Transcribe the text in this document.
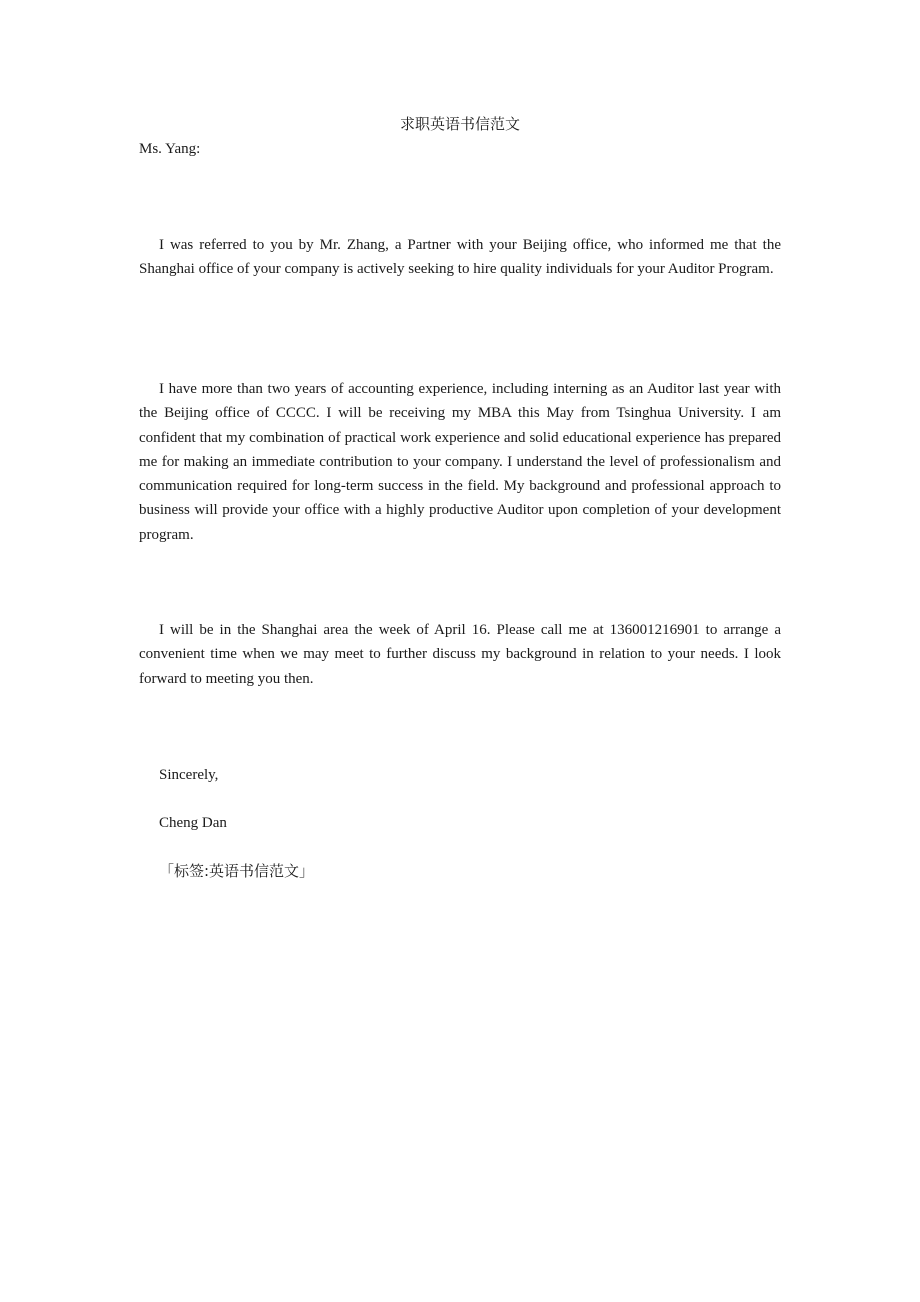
求职英语书信范文
Ms. Yang:

I was referred to you by Mr. Zhang, a Partner with your Beijing office, who informed me that the Shanghai office of your company is actively seeking to hire quality individuals for your Auditor Program.

I have more than two years of accounting experience, including interning as an Auditor last year with the Beijing office of CCCC. I will be receiving my MBA this May from Tsinghua University. I am confident that my combination of practical work experience and solid educational experience has prepared me for making an immediate contribution to your company. I understand the level of professionalism and communication required for long-term success in the field. My background and professional approach to business will provide your office with a highly productive Auditor upon completion of your development program.

I will be in the Shanghai area the week of April 16. Please call me at 136001216901 to arrange a convenient time when we may meet to further discuss my background in relation to your needs. I look forward to meeting you then.

Sincerely,
Cheng Dan
「标签:英语书信范文」
